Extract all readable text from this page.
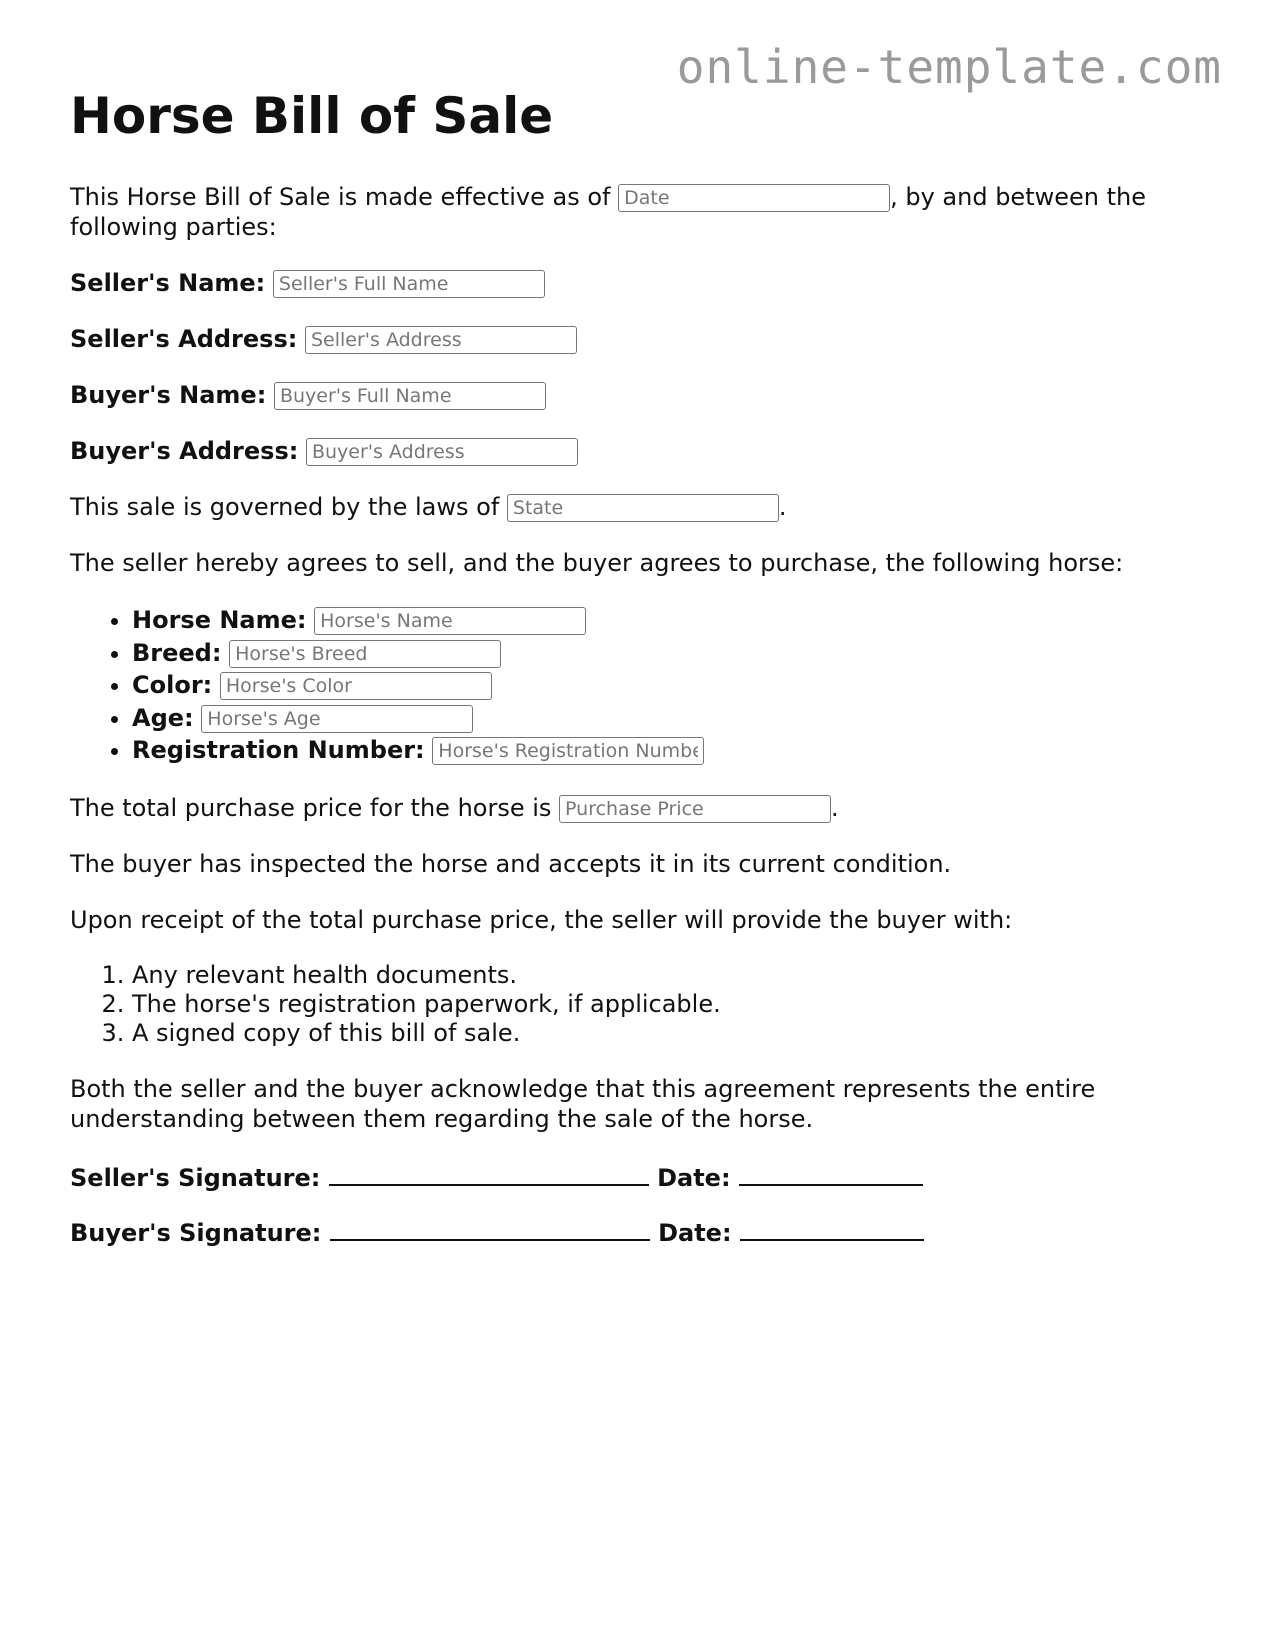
online-template.com
Horse Bill of Sale

This Horse Bill of Sale is made effective as of Date	, by and between the following parties:

Seller's Name: Seller's Full Name
Seller's Address: Seller's Address
Buyer's Name: Buyer's Full Name
Buyer's Address: Buyer's Address

This sale is governed by the laws of State	.

The seller hereby agrees to sell, and the buyer agrees to purchase, the following horse:

• Horse Name: Horse's Name
• Breed: Horse's Breed
• Color: Horse's Color
• Age: Horse's Age
• Registration Number: Horse's Registration Number

The total purchase price for the horse is Purchase Price	.

The buyer has inspected the horse and accepts it in its current condition.

Upon receipt of the total purchase price, the seller will provide the buyer with:

1. Any relevant health documents.
2. The horse's registration paperwork, if applicable.
3. A signed copy of this bill of sale.

Both the seller and the buyer acknowledge that this agreement represents the entire understanding between them regarding the sale of the horse.

Seller's Signature:	Date:
Buyer's Signature:	Date:
